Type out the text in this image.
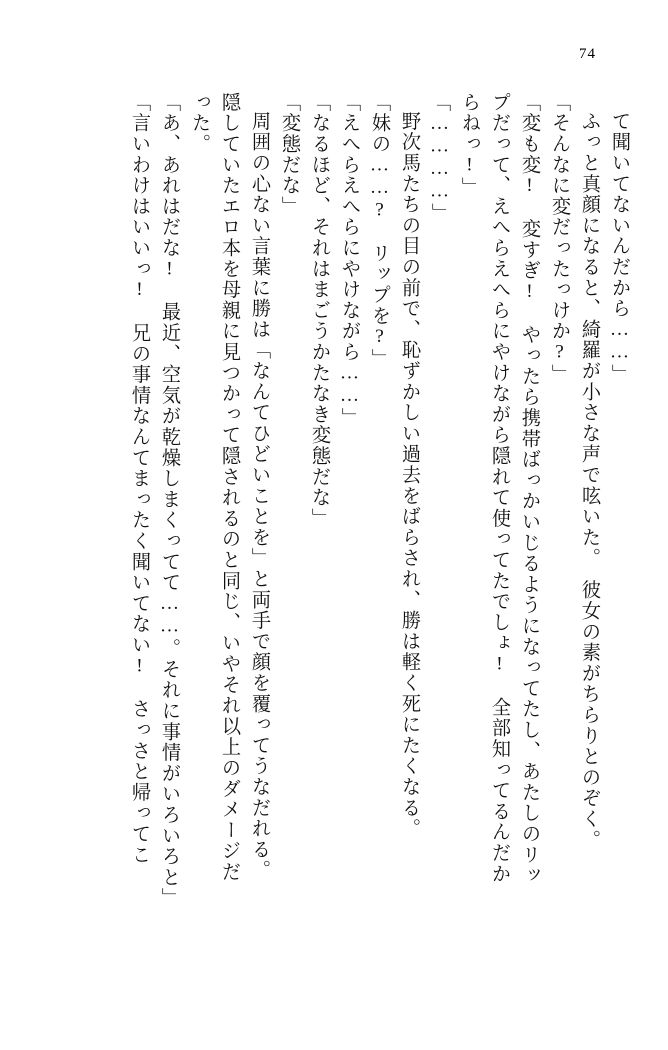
74
て聞いてないんだから……」
ふっと真顔になると、綺羅が小さな声で呟いた。　彼女の素がちらりとのぞく。
「そんなに変だったっけか?」
「変も変!　変すぎ!　やったら携帯ばっかいじるようになってたし、あたしのリッ
プだって、えへらえへらにやけながら隠れて使ってたでしょ!　全部知ってるんだか
らねっ!」
「…………」
野次馬たちの目の前で、恥ずかしい過去をばらされ、勝は軽く死にたくなる。
「妹の……?　リップを?」
「えへらえへらにやけながら……」
「なるほど、それはまごうかたなき変態だな」
「変態だな」
周囲の心ない言葉に勝は「なんてひどいことを」と両手で顔を覆ってうなだれる。
隠していたエロ本を母親に見つかって隠されるのと同じ、いやそれ以上のダメージだ
った。
「あ、あれはだな!　最近、空気が乾燥しまくってて……。それに事情がいろいろと」
「言いわけはいいっ!　兄の事情なんてまったく聞いてない!　さっさと帰ってこ
